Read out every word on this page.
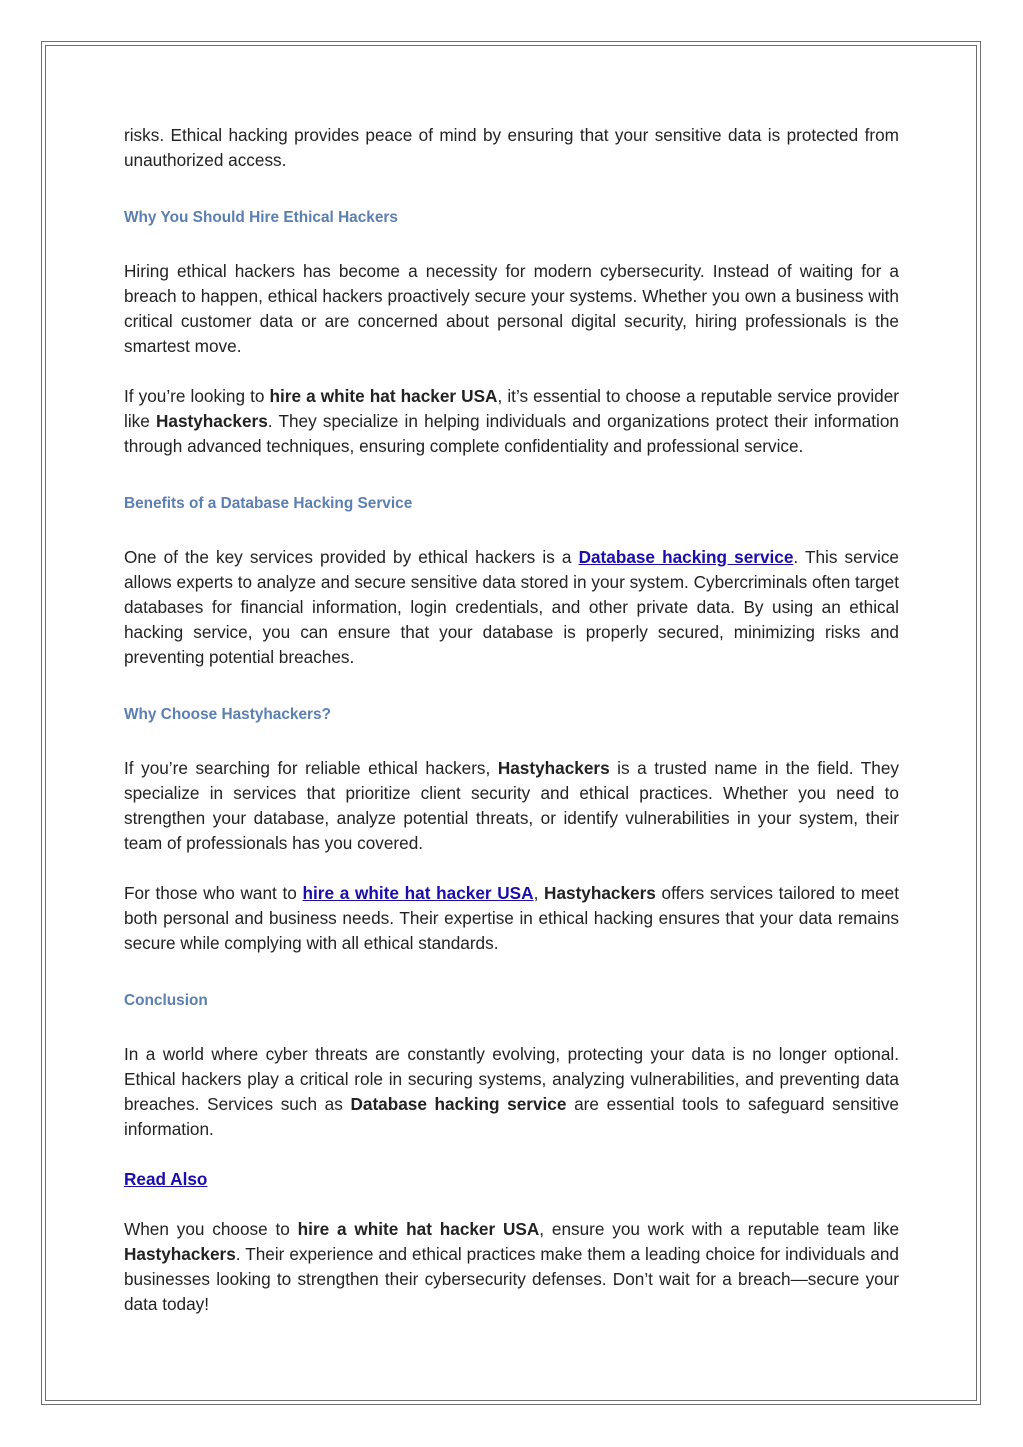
risks. Ethical hacking provides peace of mind by ensuring that your sensitive data is protected from unauthorized access.

Why You Should Hire Ethical Hackers

Hiring ethical hackers has become a necessity for modern cybersecurity. Instead of waiting for a breach to happen, ethical hackers proactively secure your systems. Whether you own a business with critical customer data or are concerned about personal digital security, hiring professionals is the smartest move.

If you’re looking to hire a white hat hacker USA, it’s essential to choose a reputable service provider like Hastyhackers. They specialize in helping individuals and organizations protect their information through advanced techniques, ensuring complete confidentiality and professional service.

Benefits of a Database Hacking Service

One of the key services provided by ethical hackers is a Database hacking service. This service allows experts to analyze and secure sensitive data stored in your system. Cybercriminals often target databases for financial information, login credentials, and other private data. By using an ethical hacking service, you can ensure that your database is properly secured, minimizing risks and preventing potential breaches.

Why Choose Hastyhackers?

If you’re searching for reliable ethical hackers, Hastyhackers is a trusted name in the field. They specialize in services that prioritize client security and ethical practices. Whether you need to strengthen your database, analyze potential threats, or identify vulnerabilities in your system, their team of professionals has you covered.

For those who want to hire a white hat hacker USA, Hastyhackers offers services tailored to meet both personal and business needs. Their expertise in ethical hacking ensures that your data remains secure while complying with all ethical standards.

Conclusion

In a world where cyber threats are constantly evolving, protecting your data is no longer optional. Ethical hackers play a critical role in securing systems, analyzing vulnerabilities, and preventing data breaches. Services such as Database hacking service are essential tools to safeguard sensitive information.

Read Also

When you choose to hire a white hat hacker USA, ensure you work with a reputable team like Hastyhackers. Their experience and ethical practices make them a leading choice for individuals and businesses looking to strengthen their cybersecurity defenses. Don’t wait for a breach—secure your data today!
